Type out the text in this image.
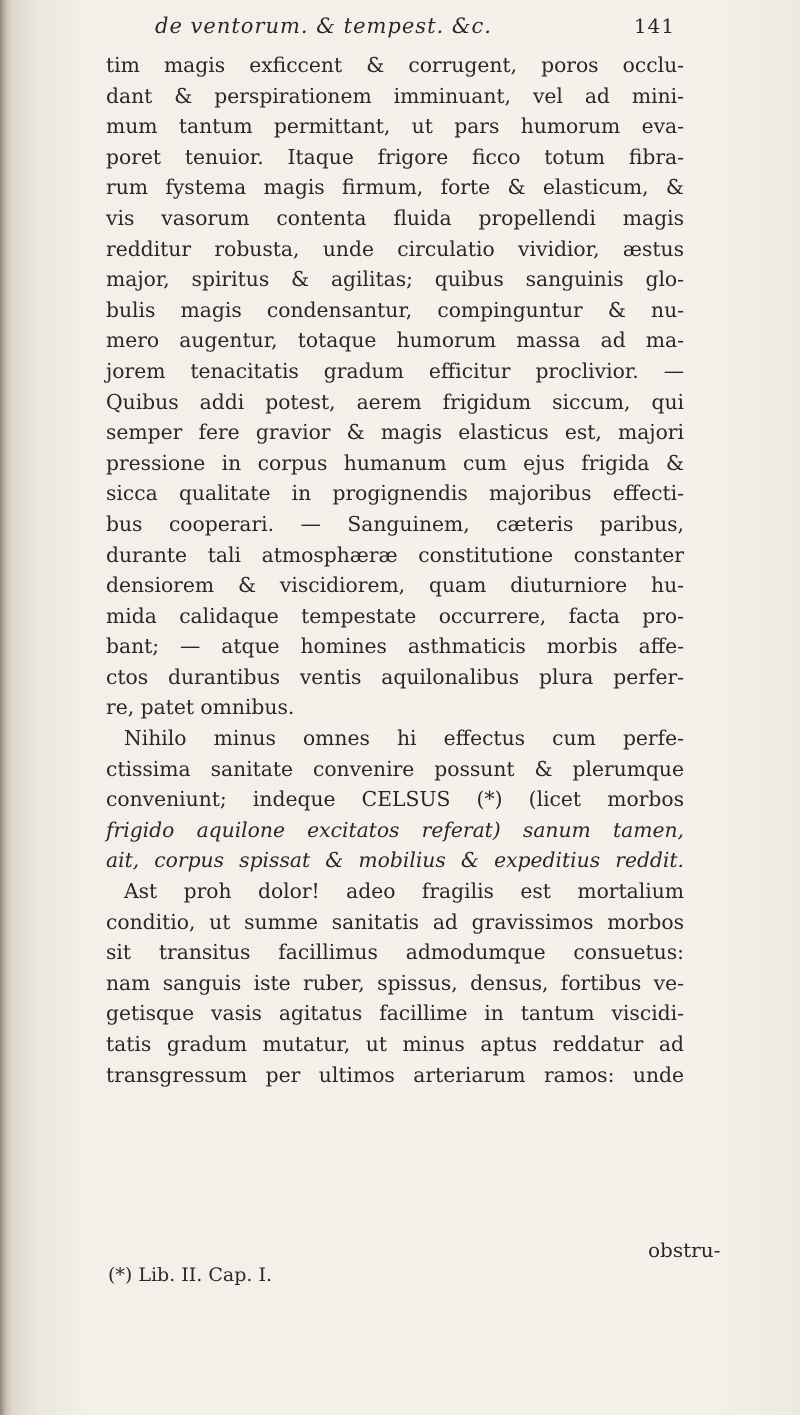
de ventorum. & tempest. &c.	141
tim magis exficcent & corrugent, poros occlu-
dant & perspirationem imminuant, vel ad mini-
mum tantum permittant, ut pars humorum eva-
poret tenuior. Itaque frigore ficco totum fibra-
rum fystema magis firmum, forte & elasticum, &
vis vasorum contenta fluida propellendi magis
redditur robusta, unde circulatio vividior, æstus
major, spiritus & agilitas; quibus sanguinis glo-
bulis magis condensantur, compinguntur & nu-
mero augentur, totaque humorum massa ad ma-
jorem tenacitatis gradum efficitur proclivior. —
Quibus addi potest, aerem frigidum siccum, qui
semper fere gravior & magis elasticus est, majori
pressione in corpus humanum cum ejus frigida &
sicca qualitate in progignendis majoribus effecti-
bus cooperari. — Sanguinem, cæteris paribus,
durante tali atmosphæræ constitutione constanter
densiorem & viscidiorem, quam diuturniore hu-
mida calidaque tempestate occurrere, facta pro-
bant; — atque homines asthmaticis morbis affe-
ctos durantibus ventis aquilonalibus plura perfer-
re, patet omnibus.
Nihilo minus omnes hi effectus cum perfe-
ctissima sanitate convenire possunt & plerumque
conveniunt; indeque CELSUS (*) (licet morbos
frigido aquilone excitatos referat) sanum tamen,
ait, corpus spissat & mobilius & expeditius reddit.
Ast proh dolor! adeo fragilis est mortalium
conditio, ut summe sanitatis ad gravissimos morbos
sit transitus facillimus admodumque consuetus:
nam sanguis iste ruber, spissus, densus, fortibus ve-
getisque vasis agitatus facillime in tantum viscidi-
tatis gradum mutatur, ut minus aptus reddatur ad
transgressum per ultimos arteriarum ramos: unde
obstru-
(*) Lib. II. Cap. I.
